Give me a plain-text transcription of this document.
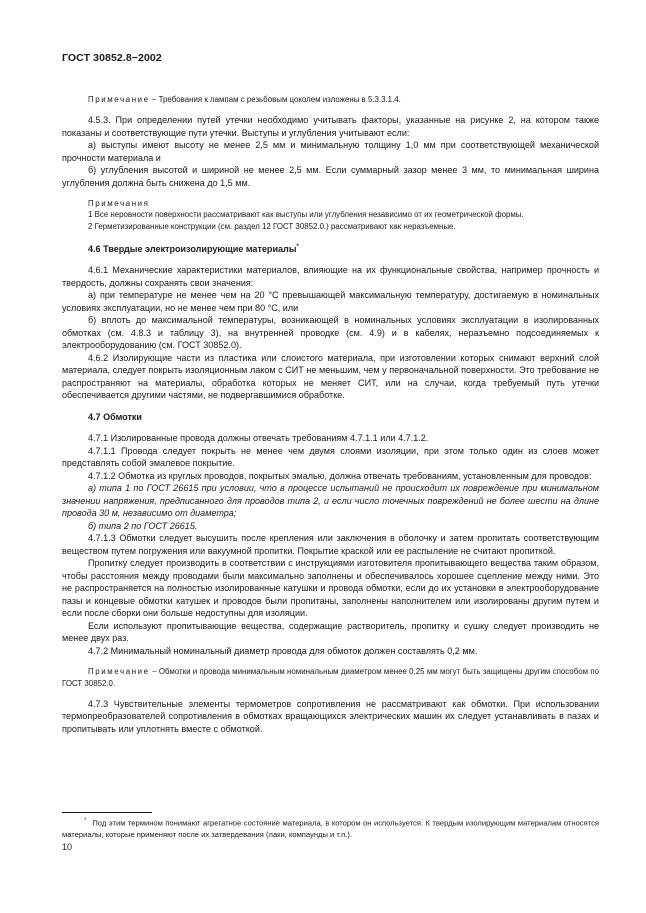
ГОСТ 30852.8−2002

Примечание − Требования к лампам с резьбовым цоколем изложены в 5.3.3.1.4.

4.5.3. При определении путей утечки необходимо учитывать факторы, указанные на рисунке 2, на котором также показаны и соответствующие пути утечки. Выступы и углубления учитывают если:

а) выступы имеют высоту не менее 2,5 мм и минимальную толщину 1,0 мм при соответствующей механической прочности материала и

б) углубления высотой и шириной не менее 2,5 мм. Если суммарный зазор менее 3 мм, то минимальная ширина углубления должна быть снижена до 1,5 мм.

Примечания

1 Все неровности поверхности рассматривают как выступы или углубления независимо от их геометрической формы.

2 Герметизированные конструкции (см. раздел 12 ГОСТ 30852.0.) рассматривают как неразъемные.

4.6 Твердые электроизолирующие материалы*

4.6.1 Механические характеристики материалов, влияющие на их функциональные свойства, например прочность и твердость, должны сохранять свои значения:

а) при температуре не менее чем на 20 °С превышающей максимальную температуру, достигаемую в номинальных условиях эксплуатации, но не менее чем при 80 °С, или

б) вплоть до максимальной температуры, возникающей в номинальных условиях эксплуатации в изолированных обмотках (см. 4.8.3 и таблицу 3), на внутренней проводке (см. 4.9) и в кабелях, неразъемно подсоединяемых к электрооборудованию (см. ГОСТ 30852.0).

4.6.2 Изолирующие части из пластика или слоистого материала, при изготовлении которых снимают верхний слой материала, следует покрыть изоляционным лаком с СИТ не меньшим, чем у первоначальной поверхности. Это требование не распространяют на материалы, обработка которых не меняет СИТ, или на случаи, когда требуемый путь утечки обеспечивается другими частями, не подвергавшимися обработке.

4.7 Обмотки

4.7.1 Изолированные провода должны отвечать требованиям 4.7.1.1 или 4.7.1.2.

4.7.1.1 Провода следует покрыть не менее чем двумя слоями изоляции, при этом только один из слоев может представлять собой эмалевое покрытие.

4.7.1.2 Обмотка из круглых проводов, покрытых эмалью, должна отвечать требованиям, установленным для проводов:

а) типа 1 по ГОСТ 26615 при условии, что в процессе испытаний не происходит их повреждение при минимальном значении напряжения, предписанного для проводов типа 2, и если число точечных повреждений не более шести на длине провода 30 м, независимо от диаметра;

б) типа 2 по ГОСТ 26615.

4.7.1.3 Обмотки следует высушить после крепления или заключения в оболочку и затем пропитать соответствующим веществом путем погружения или вакуумной пропитки. Покрытие краской или ее распыление не считают пропиткой.

Пропитку следует производить в соответствии с инструкциями изготовителя пропитывающего вещества таким образом, чтобы расстояния между проводами были максимально заполнены и обеспечивалось хорошее сцепление между ними. Это не распространяется на полностью изолированные катушки и провода обмотки, если до их установки в электрооборудование пазы и концевые обмотки катушек и проводов были пропитаны, заполнены наполнителем или изолированы другим путем и если после сборки они больше недоступны для изоляции.

Если используют пропитывающие вещества, содержащие растворитель, пропитку и сушку следует производить не менее двух раз.

4.7.2 Минимальный номинальный диаметр провода для обмоток должен составлять 0,2 мм.

Примечание − Обмотки и провода минимальным номинальным диаметром менее 0,25 мм могут быть защищены другим способом по ГОСТ 30852.0.

4.7.3 Чувствительные элементы термометров сопротивления не рассматривают как обмотки. При использовании термопреобразователей сопротивления в обмотках вращающихся электрических машин их следует устанавливать в пазах и пропитывать или уплотнять вместе с обмоткой.

* Под этим термином понимают агрегатное состояние материала, в котором он используется. К твердым изолирующим материалам относятся материалы, которые применяют после их затвердевания (лаки, компаунды и т.п.).
10
